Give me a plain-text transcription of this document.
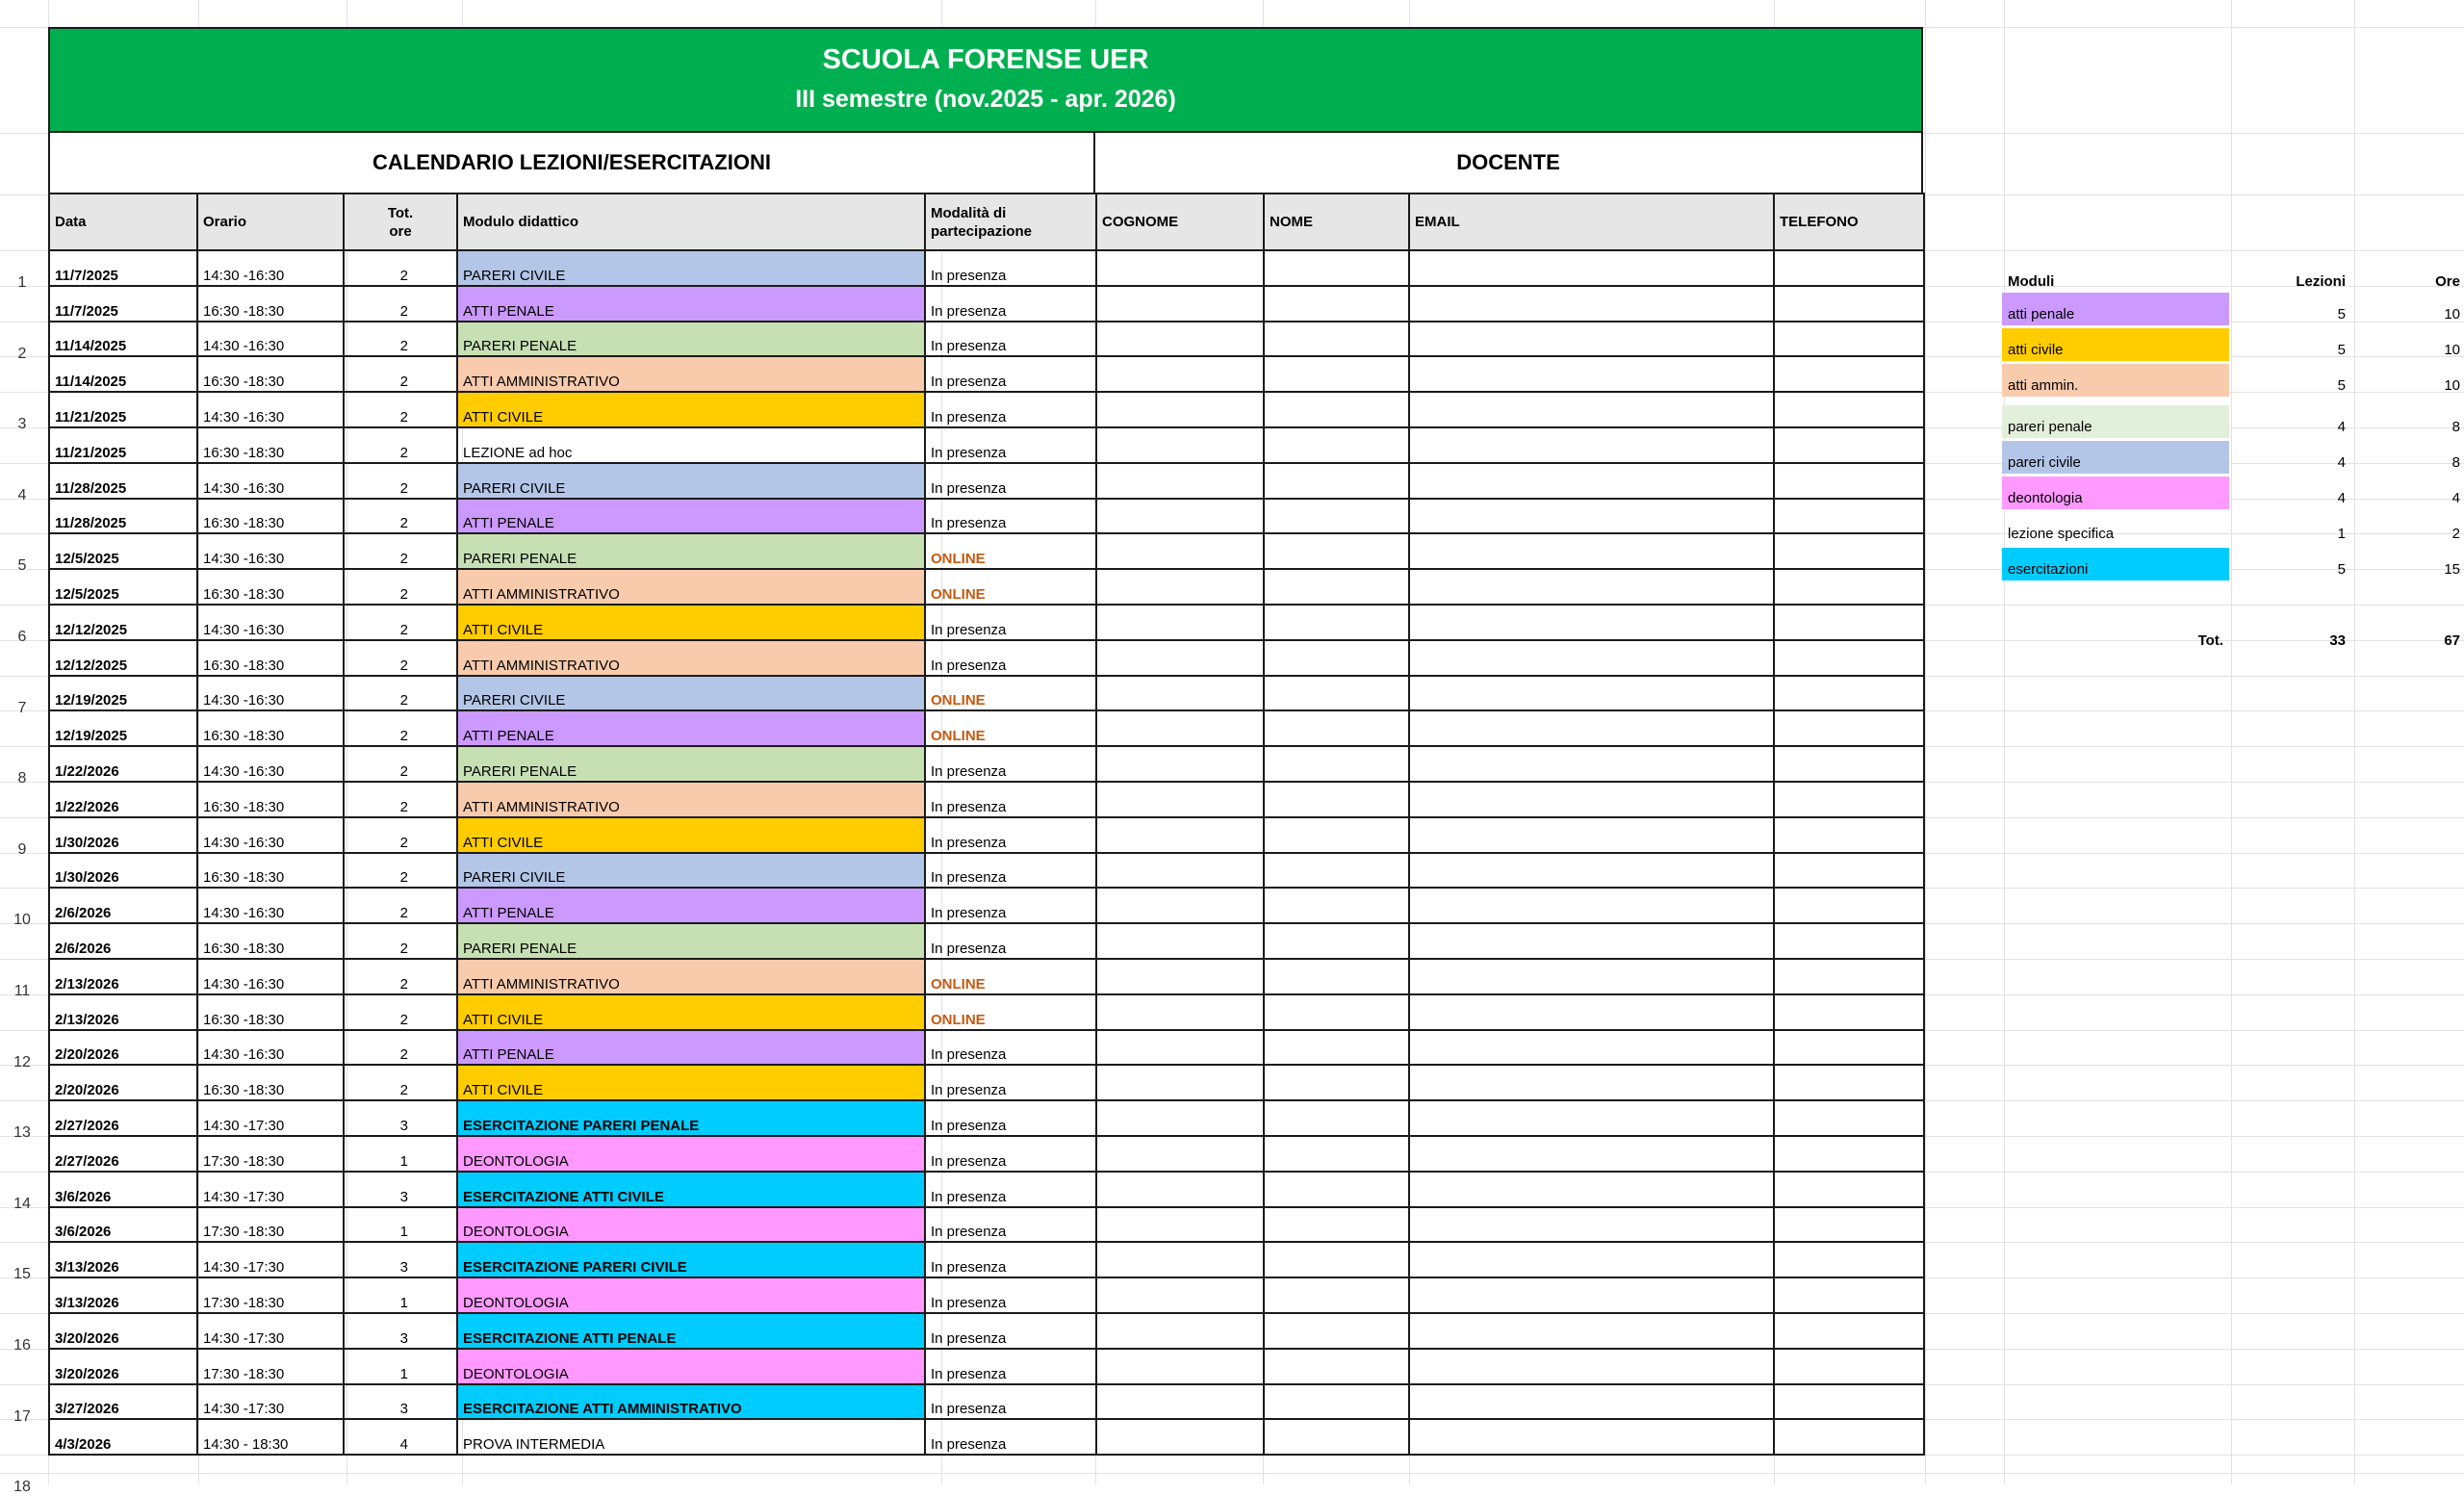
SCUOLA FORENSE UER
III semestre (nov.2025 - apr. 2026)
CALENDARIO LEZIONI/ESERCITAZIONI	DOCENTE
1
2
3
4
5
6
7
8
9
10
11
12
13
14
15
16
17
18
Data	Orario	Tot. ore	Modulo didattico	Modalità di partecipazione	COGNOME	NOME	EMAIL	TELEFONO
11/7/2025	14:30 -16:30	2	PARERI CIVILE	In presenza				
11/7/2025	16:30 -18:30	2	ATTI PENALE	In presenza				
11/14/2025	14:30 -16:30	2	PARERI PENALE	In presenza				
11/14/2025	16:30 -18:30	2	ATTI AMMINISTRATIVO	In presenza				
11/21/2025	14:30 -16:30	2	ATTI CIVILE	In presenza				
11/21/2025	16:30 -18:30	2	LEZIONE ad hoc	In presenza				
11/28/2025	14:30 -16:30	2	PARERI CIVILE	In presenza				
11/28/2025	16:30 -18:30	2	ATTI PENALE	In presenza				
12/5/2025	14:30 -16:30	2	PARERI PENALE	ONLINE				
12/5/2025	16:30 -18:30	2	ATTI AMMINISTRATIVO	ONLINE				
12/12/2025	14:30 -16:30	2	ATTI CIVILE	In presenza				
12/12/2025	16:30 -18:30	2	ATTI AMMINISTRATIVO	In presenza				
12/19/2025	14:30 -16:30	2	PARERI CIVILE	ONLINE				
12/19/2025	16:30 -18:30	2	ATTI PENALE	ONLINE				
1/22/2026	14:30 -16:30	2	PARERI PENALE	In presenza				
1/22/2026	16:30 -18:30	2	ATTI AMMINISTRATIVO	In presenza				
1/30/2026	14:30 -16:30	2	ATTI CIVILE	In presenza				
1/30/2026	16:30 -18:30	2	PARERI CIVILE	In presenza				
2/6/2026	14:30 -16:30	2	ATTI PENALE	In presenza				
2/6/2026	16:30 -18:30	2	PARERI PENALE	In presenza				
2/13/2026	14:30 -16:30	2	ATTI AMMINISTRATIVO	ONLINE				
2/13/2026	16:30 -18:30	2	ATTI CIVILE	ONLINE				
2/20/2026	14:30 -16:30	2	ATTI PENALE	In presenza				
2/20/2026	16:30 -18:30	2	ATTI CIVILE	In presenza				
2/27/2026	14:30 -17:30	3	ESERCITAZIONE PARERI PENALE	In presenza				
2/27/2026	17:30 -18:30	1	DEONTOLOGIA	In presenza				
3/6/2026	14:30 -17:30	3	ESERCITAZIONE ATTI CIVILE	In presenza				
3/6/2026	17:30 -18:30	1	DEONTOLOGIA	In presenza				
3/13/2026	14:30 -17:30	3	ESERCITAZIONE PARERI CIVILE	In presenza				
3/13/2026	17:30 -18:30	1	DEONTOLOGIA	In presenza				
3/20/2026	14:30 -17:30	3	ESERCITAZIONE ATTI PENALE	In presenza				
3/20/2026	17:30 -18:30	1	DEONTOLOGIA	In presenza				
3/27/2026	14:30 -17:30	3	ESERCITAZIONE ATTI AMMINISTRATIVO	In presenza				
4/3/2026	14:30 - 18:30	4	PROVA INTERMEDIA	In presenza				
Moduli	Lezioni	Ore
atti penale	5	10
atti civile	5	10
atti ammin.	5	10
pareri penale	4	8
pareri civile	4	8
deontologia	4	4
lezione specifica	1	2
esercitazioni	5	15
Tot.	33	67
